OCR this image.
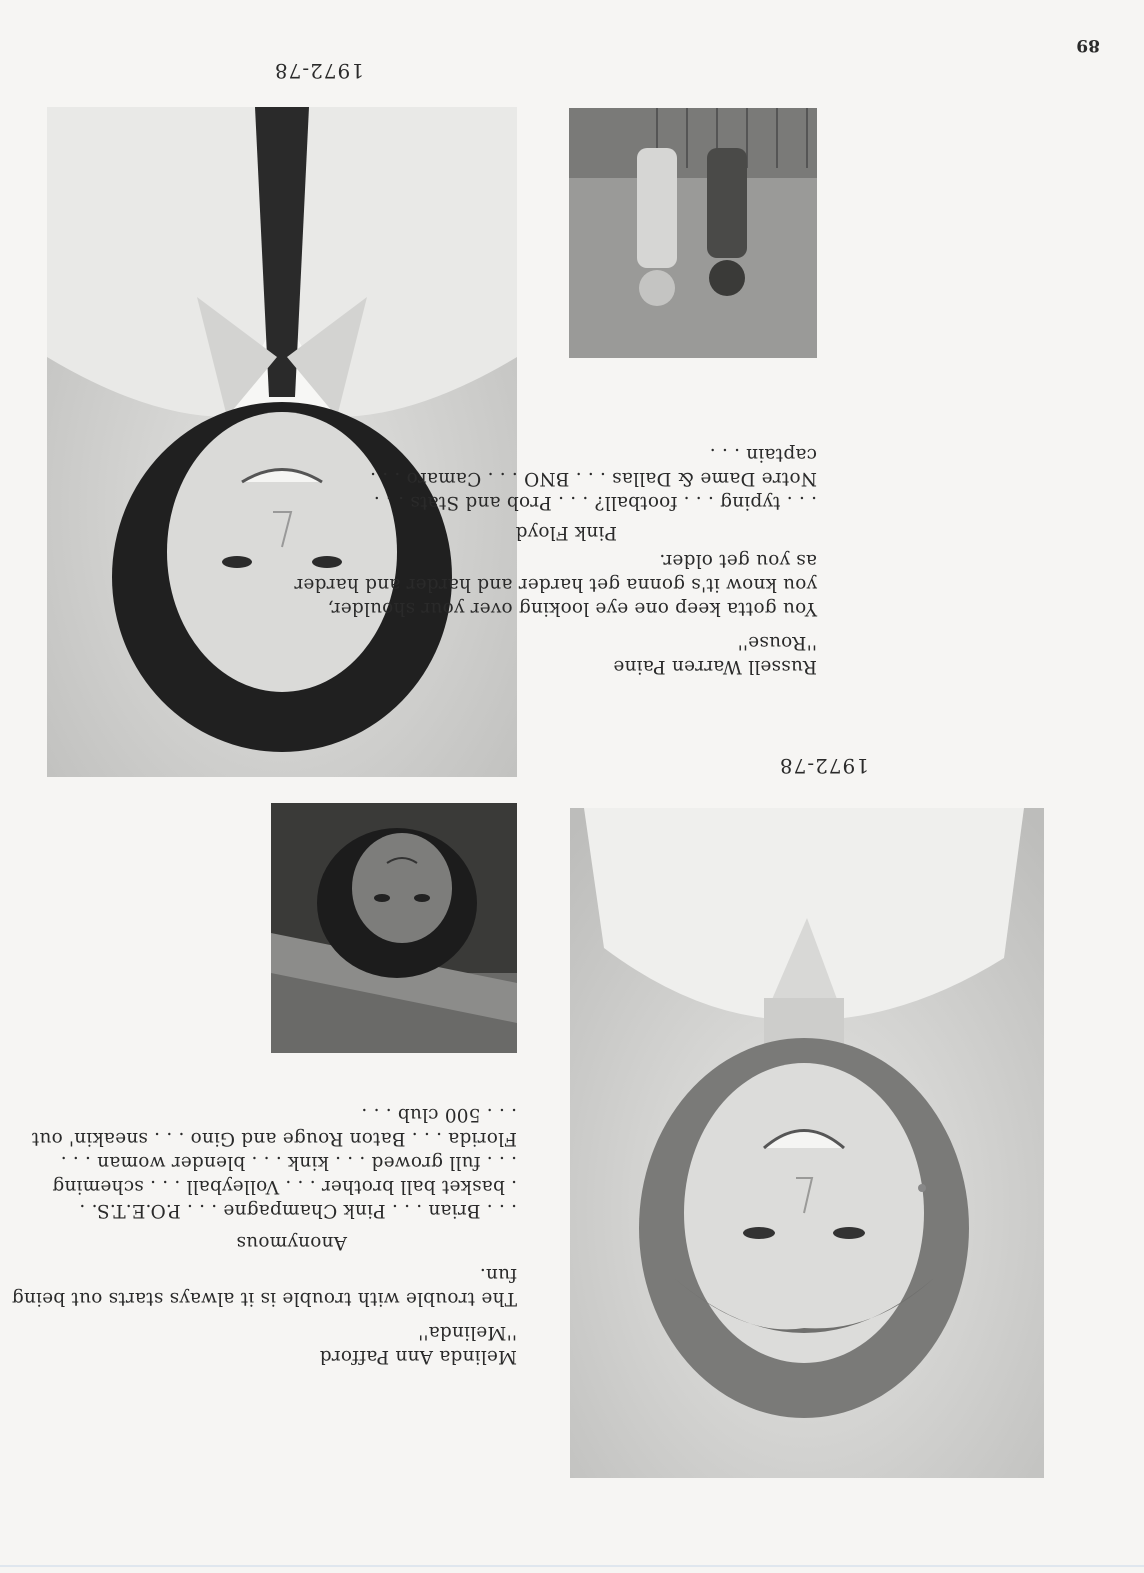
89
1972-78
Melinda Ann Pafford
''Melinda''
The trouble with trouble is it always starts out being
fun.
Anonymous
. . . Brian . . . Pink Champagne . . . P.O.E.T.S. .
. basket ball brother . . . Volleyball . . . scheming
. . . full growed . . . kink . . . blender woman . . .
Florida . . . Baton Rouge and Gino . . . sneakin' out
. . . 500 club . . .
1972-78
Russell Warren Paine
''Rouse''
You gotta keep one eye looking over your shoulder,
you know it's gonna get harder and harder and harder
as you get older.
Pink Floyd
. . . typing . . . football? . . . Prob and Stats . . .
Notre Dame & Dallas . . . BNO . . . Camaro . . .
captain . . .
